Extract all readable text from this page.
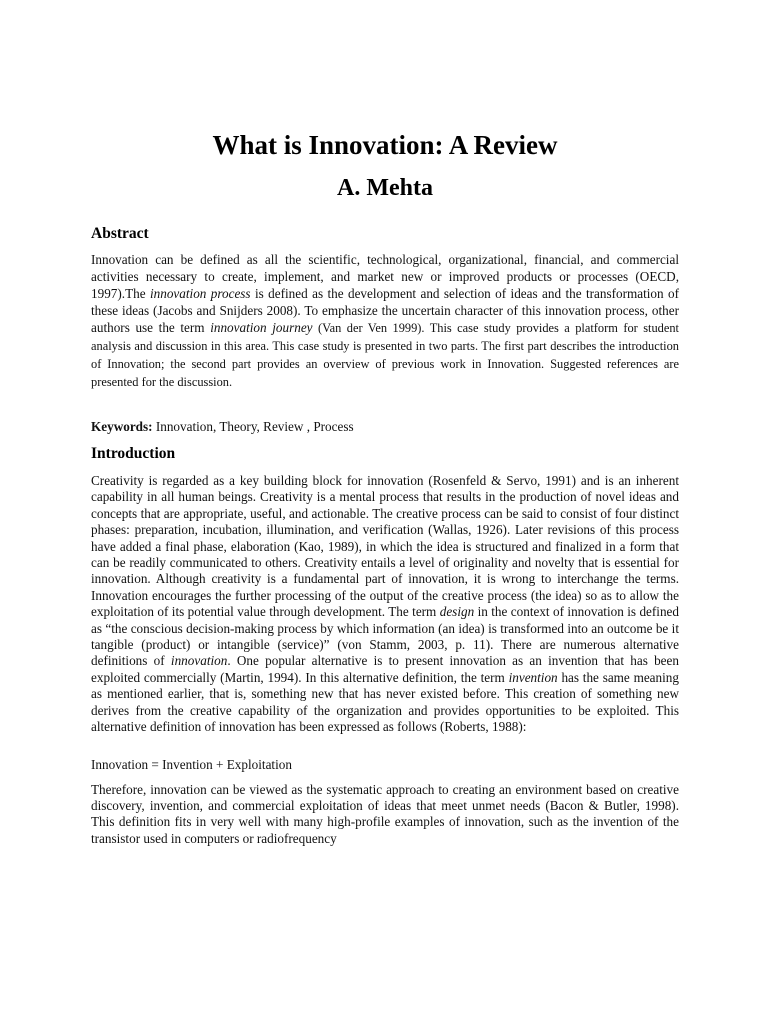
What is Innovation: A Review
A. Mehta
Abstract

Innovation can be defined as all the scientific, technological, organizational, financial, and commercial activities necessary to create, implement, and market new or improved products or processes (OECD, 1997).The innovation process is defined as the development and selection of ideas and the transformation of these ideas (Jacobs and Snijders 2008). To emphasize the uncertain character of this innovation process, other authors use the term innovation journey (Van der Ven 1999). This case study provides a platform for student analysis and discussion in this area. This case study is presented in two parts. The first part describes the introduction of Innovation; the second part provides an overview of previous work in Innovation. Suggested references are presented for the discussion.

Keywords: Innovation, Theory, Review , Process

Introduction

Creativity is regarded as a key building block for innovation (Rosenfeld & Servo, 1991) and is an inherent capability in all human beings. Creativity is a mental process that results in the production of novel ideas and concepts that are appropriate, useful, and actionable. The creative process can be said to consist of four distinct phases: preparation, incubation, illumination, and verification (Wallas, 1926). Later revisions of this process have added a final phase, elaboration (Kao, 1989), in which the idea is structured and finalized in a form that can be readily communicated to others. Creativity entails a level of originality and novelty that is essential for innovation. Although creativity is a fundamental part of innovation, it is wrong to interchange the terms. Innovation encourages the further processing of the output of the creative process (the idea) so as to allow the exploitation of its potential value through development. The term design in the context of innovation is defined as “the conscious decision-making process by which information (an idea) is transformed into an outcome be it tangible (product) or intangible (service)” (von Stamm, 2003, p. 11). There are numerous alternative definitions of innovation. One popular alternative is to present innovation as an invention that has been exploited commercially (Martin, 1994). In this alternative definition, the term invention has the same meaning as mentioned earlier, that is, something new that has never existed before. This creation of something new derives from the creative capability of the organization and provides opportunities to be exploited. This alternative definition of innovation has been expressed as follows (Roberts, 1988):

Innovation = Invention + Exploitation

Therefore, innovation can be viewed as the systematic approach to creating an environment based on creative discovery, invention, and commercial exploitation of ideas that meet unmet needs (Bacon & Butler, 1998). This definition fits in very well with many high-profile examples of innovation, such as the invention of the transistor used in computers or radiofrequency
